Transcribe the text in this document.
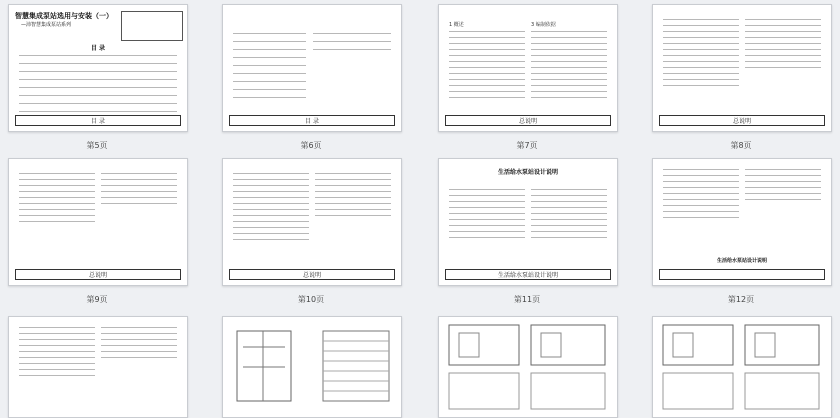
智慧集成泵站选用与安装（一）
—沛智慧集成泵站系列
目 录
目 录
第5页
目 录
第6页
1 概述	3 编制依据
总说明
第7页
总说明
第8页
总说明
第9页
总说明
第10页
生活给水泵站设计说明
生活给水泵站设计说明
第11页
生活给水泵站设计说明
第12页
